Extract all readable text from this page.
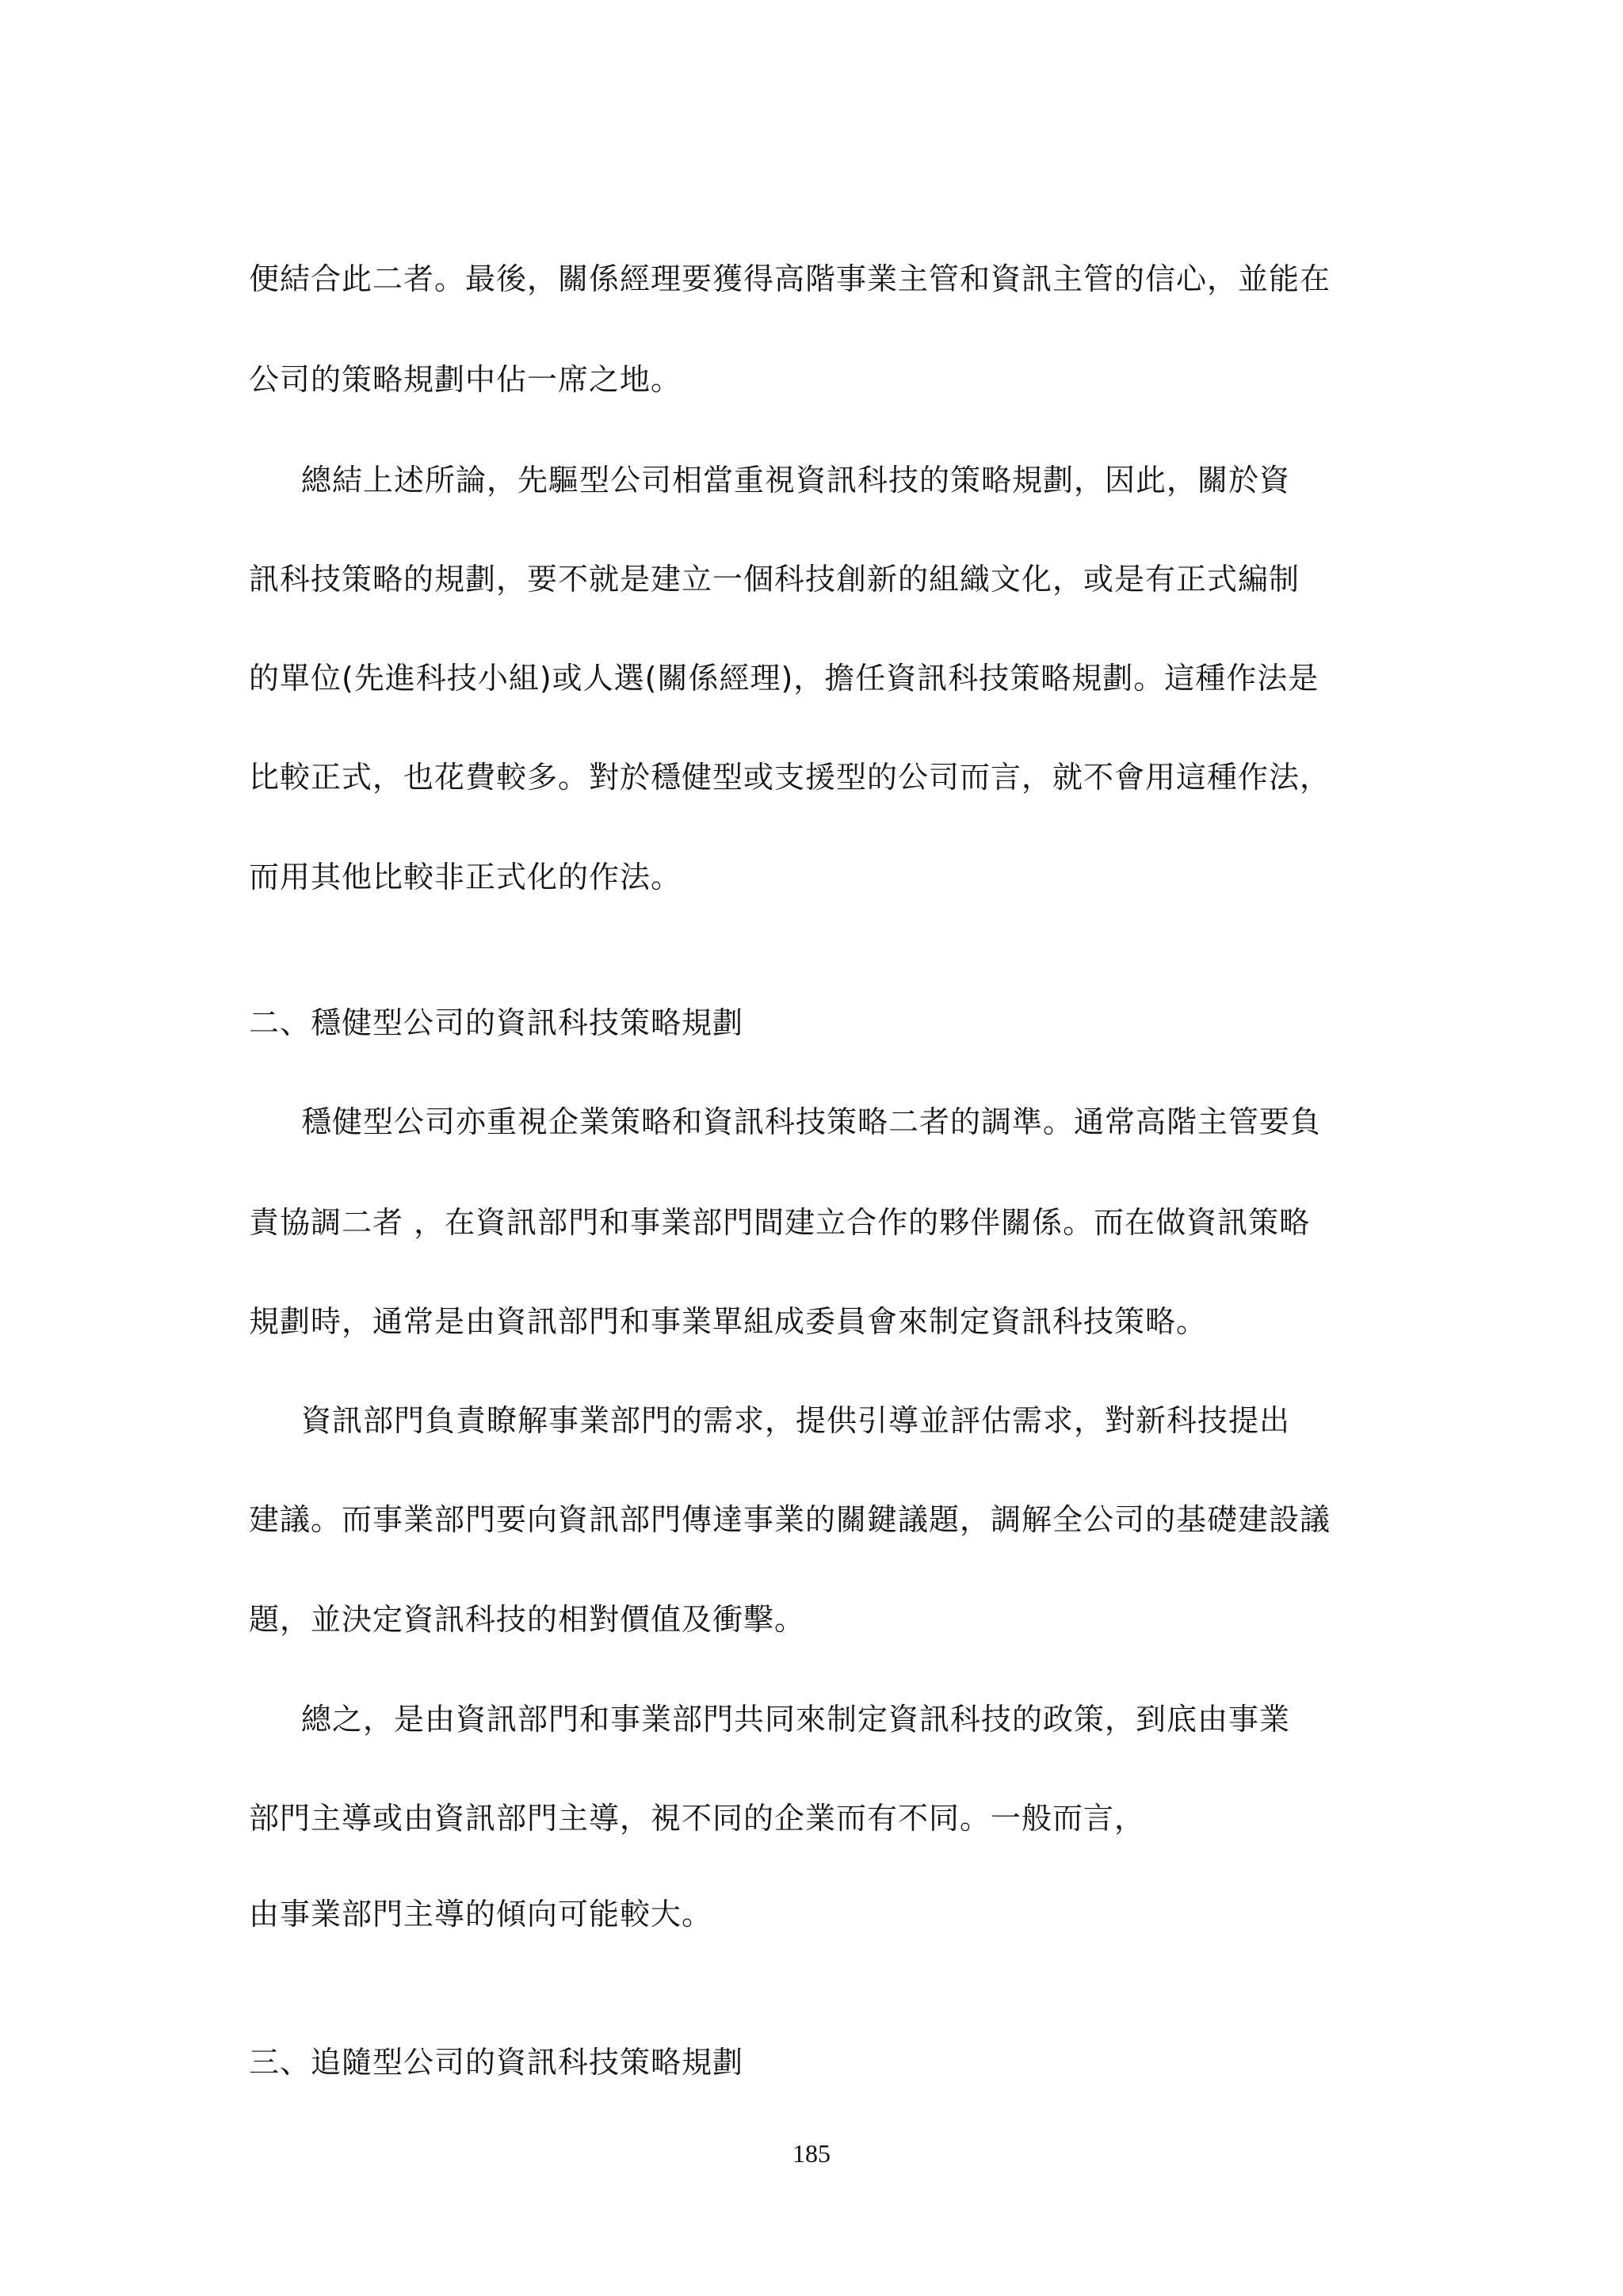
便結合此二者。最後，關係經理要獲得高階事業主管和資訊主管的信心，並能在
公司的策略規劃中佔一席之地。
總結上述所論，先驅型公司相當重視資訊科技的策略規劃，因此，關於資
訊科技策略的規劃，要不就是建立一個科技創新的組織文化，或是有正式編制
的單位(先進科技小組)或人選(關係經理)，擔任資訊科技策略規劃。這種作法是
比較正式，也花費較多。對於穩健型或支援型的公司而言，就不會用這種作法，
而用其他比較非正式化的作法。
二、穩健型公司的資訊科技策略規劃
穩健型公司亦重視企業策略和資訊科技策略二者的調準。通常高階主管要負
責協調二者 ，在資訊部門和事業部門間建立合作的夥伴關係。而在做資訊策略
規劃時，通常是由資訊部門和事業單組成委員會來制定資訊科技策略。
資訊部門負責瞭解事業部門的需求，提供引導並評估需求，對新科技提出
建議。而事業部門要向資訊部門傳達事業的關鍵議題，調解全公司的基礎建設議
題，並決定資訊科技的相對價值及衝擊。
總之，是由資訊部門和事業部門共同來制定資訊科技的政策，到底由事業
部門主導或由資訊部門主導，視不同的企業而有不同。一般而言，
由事業部門主導的傾向可能較大。
三、追隨型公司的資訊科技策略規劃
185
